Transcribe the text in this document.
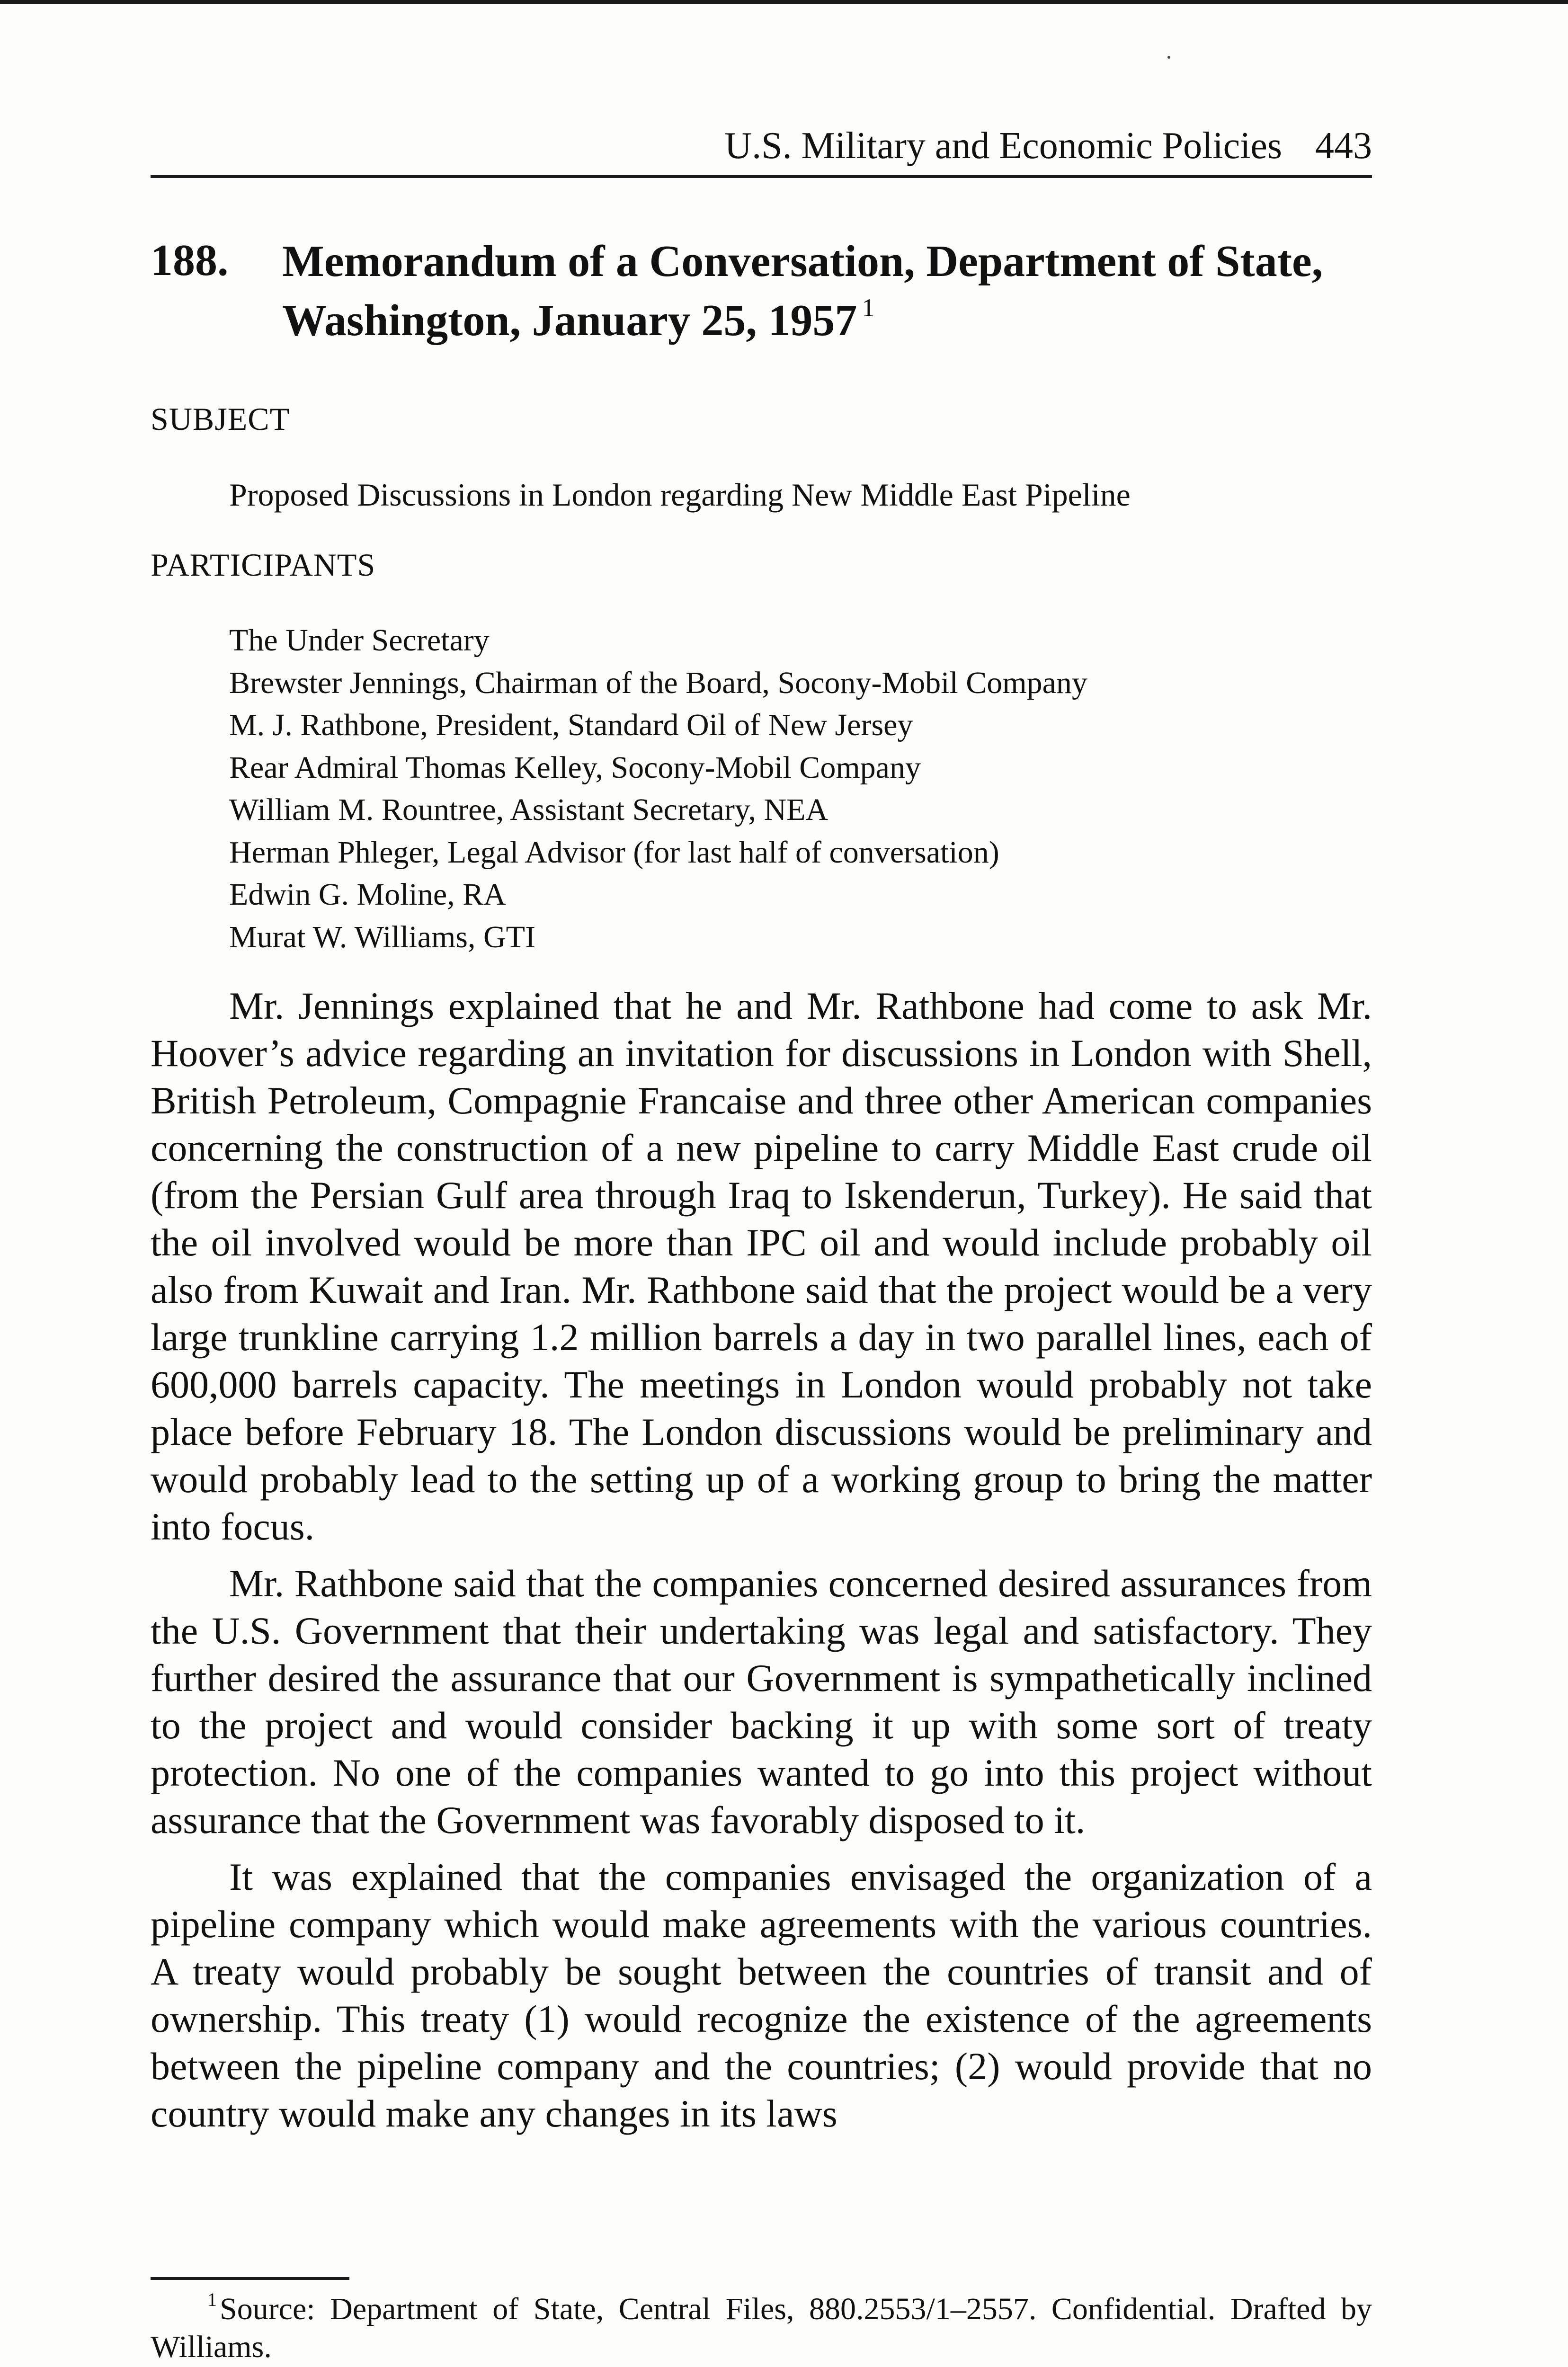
U.S. Military and Economic Policies 443
188. Memorandum of a Conversation, Department of State, Washington, January 25, 1957 $^1$
SUBJECT
Proposed Discussions in London regarding New Middle East Pipeline
PARTICIPANTS
The Under Secretary
Brewster Jennings, Chairman of the Board, Socony-Mobil Company
M. J. Rathbone, President, Standard Oil of New Jersey
Rear Admiral Thomas Kelley, Socony-Mobil Company
William M. Rountree, Assistant Secretary, NEA
Herman Phleger, Legal Advisor (for last half of conversation)
Edwin G. Moline, RA
Murat W. Williams, GTI

Mr. Jennings explained that he and Mr. Rathbone had come to ask Mr. Hoover’s advice regarding an invitation for discussions in London with Shell, British Petroleum, Compagnie Francaise and three other American companies concerning the construction of a new pipeline to carry Middle East crude oil (from the Persian Gulf area through Iraq to Iskenderun, Turkey). He said that the oil involved would be more than IPC oil and would include probably oil also from Kuwait and Iran. Mr. Rathbone said that the project would be a very large trunkline carrying 1.2 million barrels a day in two parallel lines, each of 600,000 barrels capacity. The meetings in London would probably not take place before February 18. The London discussions would be preliminary and would probably lead to the setting up of a working group to bring the matter into focus.

Mr. Rathbone said that the companies concerned desired assurances from the U.S. Government that their undertaking was legal and satisfactory. They further desired the assurance that our Government is sympathetically inclined to the project and would consider backing it up with some sort of treaty protection. No one of the companies wanted to go into this project without assurance that the Government was favorably disposed to it.

It was explained that the companies envisaged the organization of a pipeline company which would make agreements with the various countries. A treaty would probably be sought between the countries of transit and of ownership. This treaty (1) would recognize the existence of the agreements between the pipeline company and the countries; (2) would provide that no country would make any changes in its laws

$^1$Source: Department of State, Central Files, 880.2553/1–2557. Confidential. Drafted by Williams.
